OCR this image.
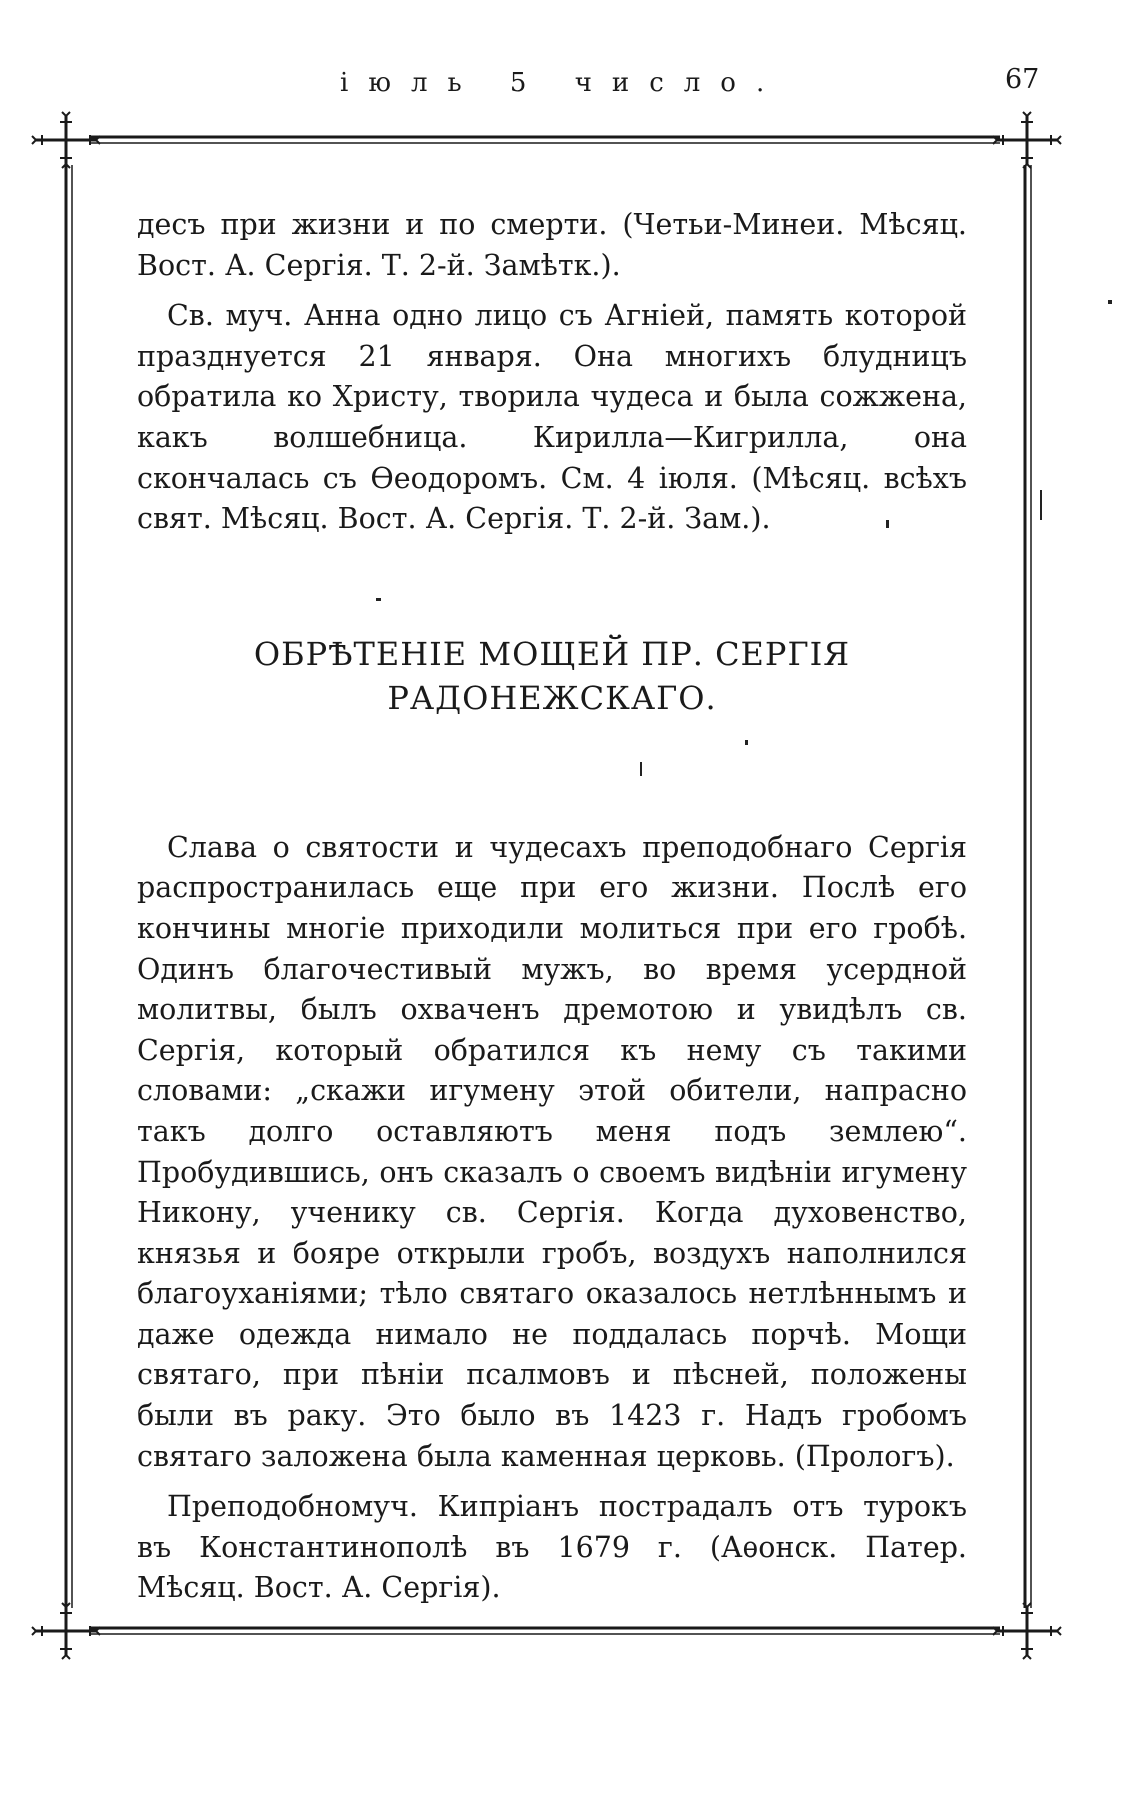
іюль 5 число.	67

десъ при жизни и по смерти. (Четьи-Минеи. Мѣсяц. Вост. А. Сергія. Т. 2-й. Замѣтк.).

Св. муч. Анна одно лицо съ Агніей, память которой празднуется 21 января. Она многихъ блудницъ обратила ко Христу, творила чудеса и была сожжена, какъ волшебница. Кирилла—Кигрилла, она скончалась съ Ѳеодоромъ. См. 4 іюля. (Мѣсяц. всѣхъ свят. Мѣсяц. Вост. А. Сергія. Т. 2-й. Зам.).

ОБРѢТЕНІЕ МОЩЕЙ ПР. СЕРГІЯ РАДОНЕЖСКАГО.

Слава о святости и чудесахъ преподобнаго Сергія распространилась еще при его жизни. Послѣ его кончины многіе приходили молиться при его гробѣ. Одинъ благочестивый мужъ, во время усердной молитвы, былъ охваченъ дремотою и увидѣлъ св. Сергія, который обратился къ нему съ такими словами: „скажи игумену этой обители, напрасно такъ долго оставляютъ меня подъ землею“. Пробудившись, онъ сказалъ о своемъ видѣніи игумену Никону, ученику св. Сергія. Когда духовенство, князья и бояре открыли гробъ, воздухъ наполнился благоуханіями; тѣло святаго оказалось нетлѣннымъ и даже одежда нимало не поддалась порчѣ. Мощи святаго, при пѣніи псалмовъ и пѣсней, положены были въ раку. Это было въ 1423 г. Надъ гробомъ святаго заложена была каменная церковь. (Прологъ).

Преподобномуч. Кипріанъ пострадалъ отъ турокъ въ Константинополѣ въ 1679 г. (Аѳонск. Патер. Мѣсяц. Вост. А. Сергія).
